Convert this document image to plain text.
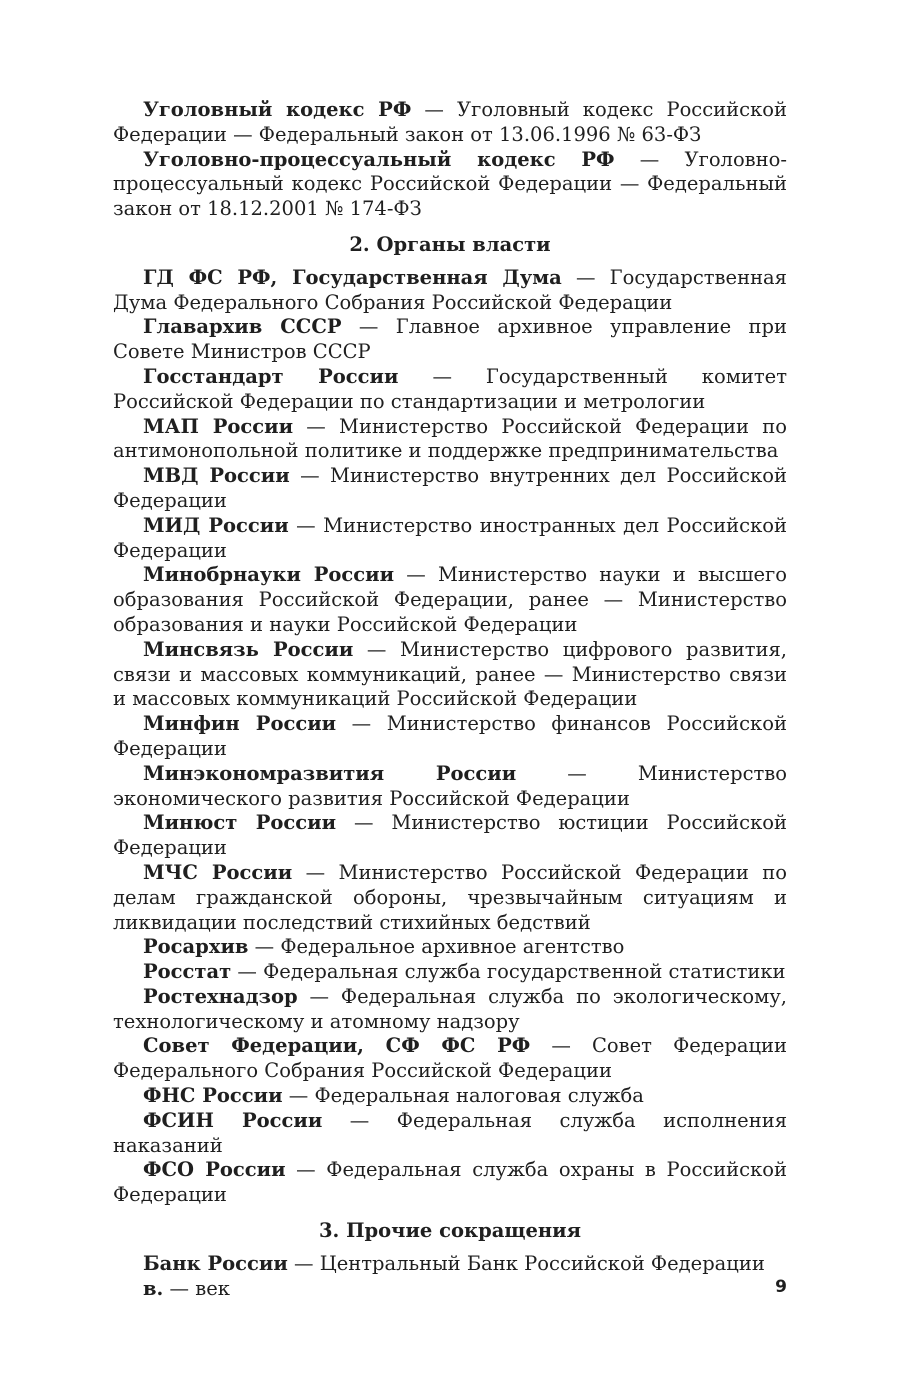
Уголовный кодекс РФ — Уголовный кодекс Российской Федерации — Федеральный закон от 13.06.1996 № 63-ФЗ

Уголовно-процессуальный кодекс РФ — Уголовно-процессуальный кодекс Российской Федерации — Федеральный закон от 18.12.2001 № 174-ФЗ

2. Органы власти

ГД ФС РФ, Государственная Дума — Государственная Дума Федерального Собрания Российской Федерации

Главархив СССР — Главное архивное управление при Совете Министров СССР

Госстандарт России — Государственный комитет Российской Федерации по стандартизации и метрологии

МАП России — Министерство Российской Федерации по антимонопольной политике и поддержке предпринимательства

МВД России — Министерство внутренних дел Российской Федерации

МИД России — Министерство иностранных дел Российской Федерации

Минобрнауки России — Министерство науки и высшего образования Российской Федерации, ранее — Министерство образования и науки Российской Федерации

Минсвязь России — Министерство цифрового развития, связи и массовых коммуникаций, ранее — Министерство связи и массовых коммуникаций Российской Федерации

Минфин России — Министерство финансов Российской Федерации

Минэкономразвития России — Министерство экономического развития Российской Федерации

Минюст России — Министерство юстиции Российской Федерации

МЧС России — Министерство Российской Федерации по делам гражданской обороны, чрезвычайным ситуациям и ликвидации последствий стихийных бедствий

Росархив — Федеральное архивное агентство

Росстат — Федеральная служба государственной статистики

Ростехнадзор — Федеральная служба по экологическому, технологическому и атомному надзору

Совет Федерации, СФ ФС РФ — Совет Федерации Федерального Собрания Российской Федерации

ФНС России — Федеральная налоговая служба

ФСИН России — Федеральная служба исполнения наказаний

ФСО России — Федеральная служба охраны в Российской Федерации

3. Прочие сокращения

Банк России — Центральный Банк Российской Федерации

в. — век	9
